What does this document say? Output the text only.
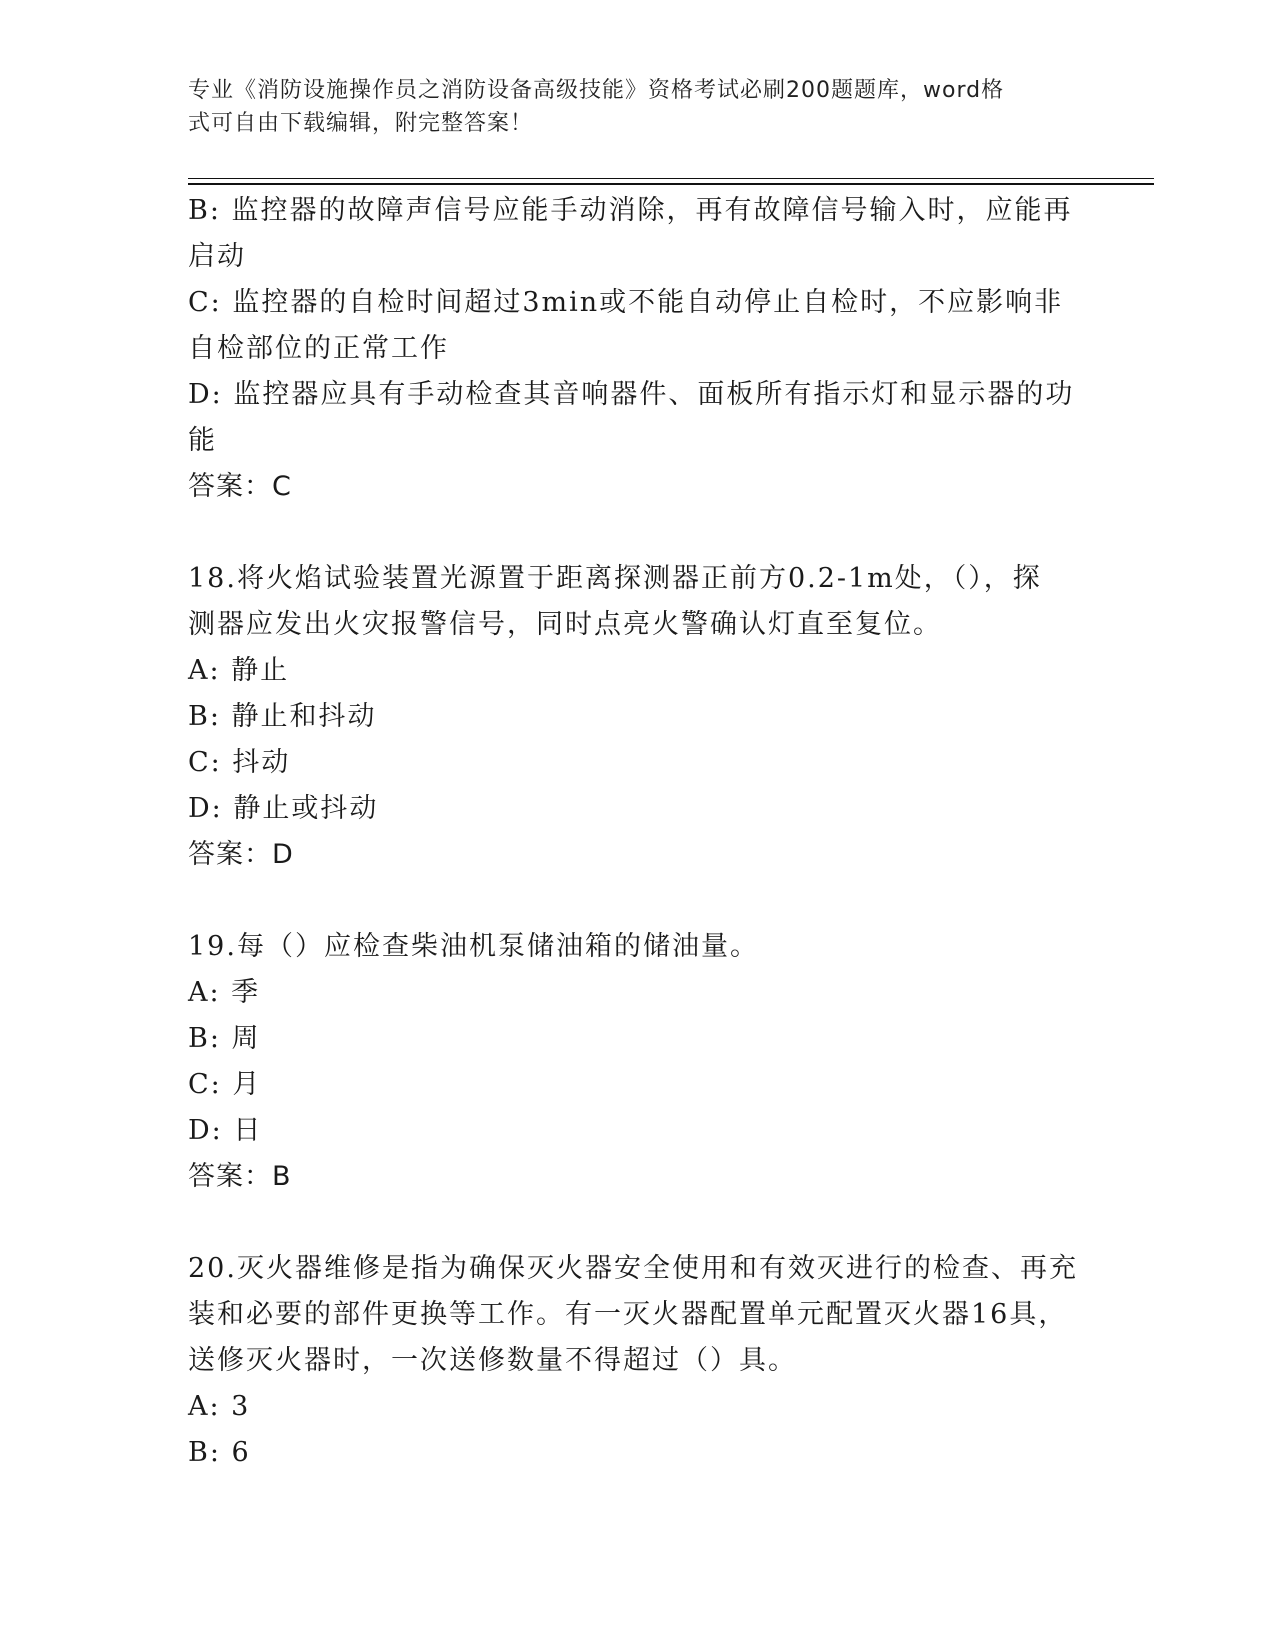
专业《消防设施操作员之消防设备高级技能》资格考试必刷200题题库，word格
式可自由下载编辑，附完整答案！
B: 监控器的故障声信号应能手动消除，再有故障信号输入时，应能再
启动
C: 监控器的自检时间超过3min或不能自动停止自检时，不应影响非
自检部位的正常工作
D: 监控器应具有手动检查其音响器件、面板所有指示灯和显示器的功
能
答案：C
18.将火焰试验装置光源置于距离探测器正前方0.2-1m处，（），探
测器应发出火灾报警信号，同时点亮火警确认灯直至复位。
A: 静止
B: 静止和抖动
C: 抖动
D: 静止或抖动
答案：D
19.每（）应检查柴油机泵储油箱的储油量。
A: 季
B: 周
C: 月
D: 日
答案：B
20.灭火器维修是指为确保灭火器安全使用和有效灭进行的检查、再充
装和必要的部件更换等工作。有一灭火器配置单元配置灭火器16具，
送修灭火器时，一次送修数量不得超过（）具。
A: 3
B: 6
